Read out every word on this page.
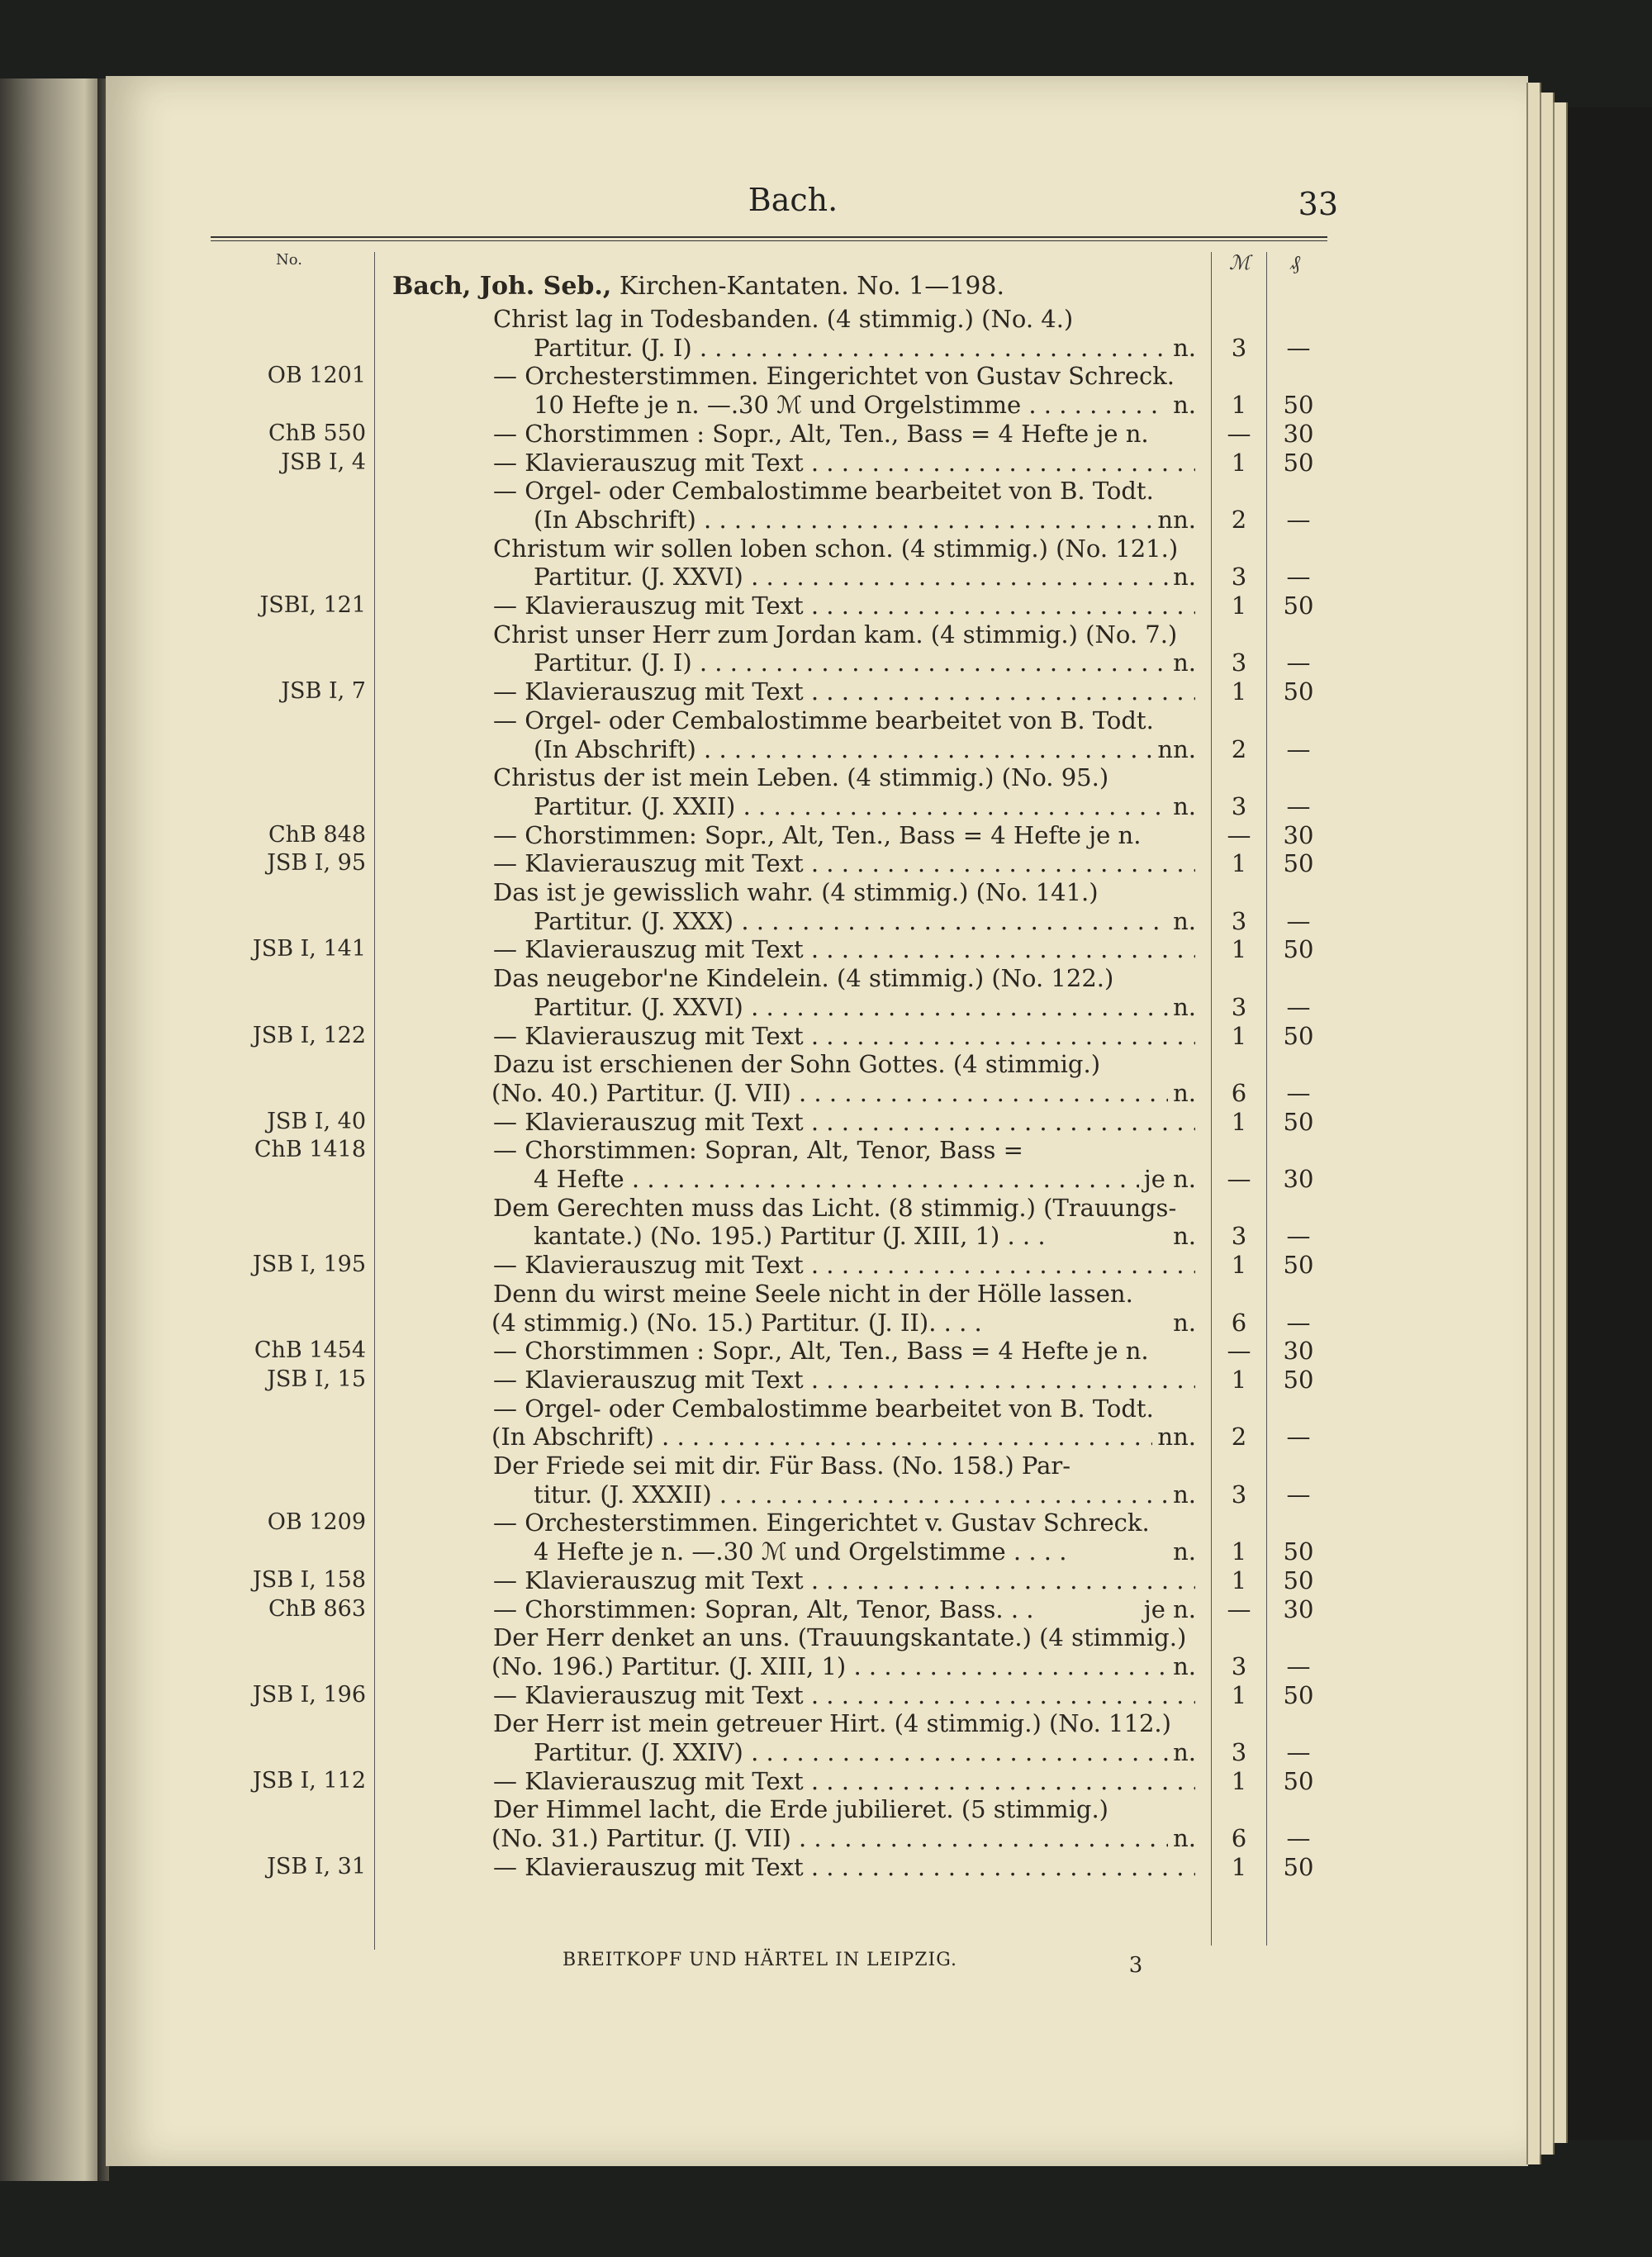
Bach.	33
No.	ℳ ₰
Bach, Joh. Seb., Kirchen-Kantaten. No. 1—198.
Christ lag in Todesbanden. (4 stimmig.) (No. 4.)
Partitur. (J. I) . . .	n.	3	—
OB 1201	— Orchesterstimmen. Eingerichtet von Gustav Schreck.
10 Hefte je n. —.30 ℳ und Orgelstimme . . .	n.	1	50
ChB 550	— Chorstimmen : Sopr., Alt, Ten., Bass = 4 Hefte je n.	—	30
JSB I, 4	— Klavierauszug mit Text . . .	1	50
— Orgel- oder Cembalostimme bearbeitet von B. Todt.
(In Abschrift) . . .	nn.	2	—
Christum wir sollen loben schon. (4 stimmig.) (No. 121.)
Partitur. (J. XXVI) . . .	n.	3	—
JSBI, 121	— Klavierauszug mit Text . . .	1	50
Christ unser Herr zum Jordan kam. (4 stimmig.) (No. 7.)
Partitur. (J. I) . . .	n.	3	—
JSB I, 7	— Klavierauszug mit Text . . .	1	50
— Orgel- oder Cembalostimme bearbeitet von B. Todt.
(In Abschrift) . . .	nn.	2	—
Christus der ist mein Leben. (4 stimmig.) (No. 95.)
Partitur. (J. XXII) . . .	n.	3	—
ChB 848	— Chorstimmen: Sopr., Alt, Ten., Bass = 4 Hefte je n.	—	30
JSB I, 95	— Klavierauszug mit Text . . .	1	50
Das ist je gewisslich wahr. (4 stimmig.) (No. 141.)
Partitur. (J. XXX) . . .	n.	3	—
JSB I, 141	— Klavierauszug mit Text . . .	1	50
Das neugebor'ne Kindelein. (4 stimmig.) (No. 122.)
Partitur. (J. XXVI) . . .	n.	3	—
JSB I, 122	— Klavierauszug mit Text . . .	1	50
Dazu ist erschienen der Sohn Gottes. (4 stimmig.)
(No. 40.) Partitur. (J. VII) . . .	n.	6	—
JSB I, 40	— Klavierauszug mit Text . . .	1	50
ChB 1418	— Chorstimmen: Sopran, Alt, Tenor, Bass =
4 Hefte . . .	je n.	—	30
Dem Gerechten muss das Licht. (8 stimmig.) (Trauungs-
kantate.) (No. 195.) Partitur (J. XIII, 1) . . .	n.	3	—
JSB I, 195	— Klavierauszug mit Text . . .	1	50
Denn du wirst meine Seele nicht in der Hölle lassen.
(4 stimmig.) (No. 15.) Partitur. (J. II). . . .	n.	6	—
ChB 1454	— Chorstimmen : Sopr., Alt, Ten., Bass = 4 Hefte je n.	—	30
JSB I, 15	— Klavierauszug mit Text . . .	1	50
— Orgel- oder Cembalostimme bearbeitet von B. Todt.
(In Abschrift) . . .	nn.	2	—
Der Friede sei mit dir. Für Bass. (No. 158.) Par-
titur. (J. XXXII) . . .	n.	3	—
OB 1209	— Orchesterstimmen. Eingerichtet v. Gustav Schreck.
4 Hefte je n. —.30 ℳ und Orgelstimme . . . .	n.	1	50
JSB I, 158	— Klavierauszug mit Text . . .	1	50
ChB 863	— Chorstimmen: Sopran, Alt, Tenor, Bass. . .	je n.	—	30
Der Herr denket an uns. (Trauungskantate.) (4 stimmig.)
(No. 196.) Partitur. (J. XIII, 1) . . .	n.	3	—
JSB I, 196	— Klavierauszug mit Text . . .	1	50
Der Herr ist mein getreuer Hirt. (4 stimmig.) (No. 112.)
Partitur. (J. XXIV) . . .	n.	3	—
JSB I, 112	— Klavierauszug mit Text . . .	1	50
Der Himmel lacht, die Erde jubilieret. (5 stimmig.)
(No. 31.) Partitur. (J. VII) . . .	n.	6	—
JSB I, 31	— Klavierauszug mit Text . . .	1	50
BREITKOPF UND HÄRTEL IN LEIPZIG.	3
